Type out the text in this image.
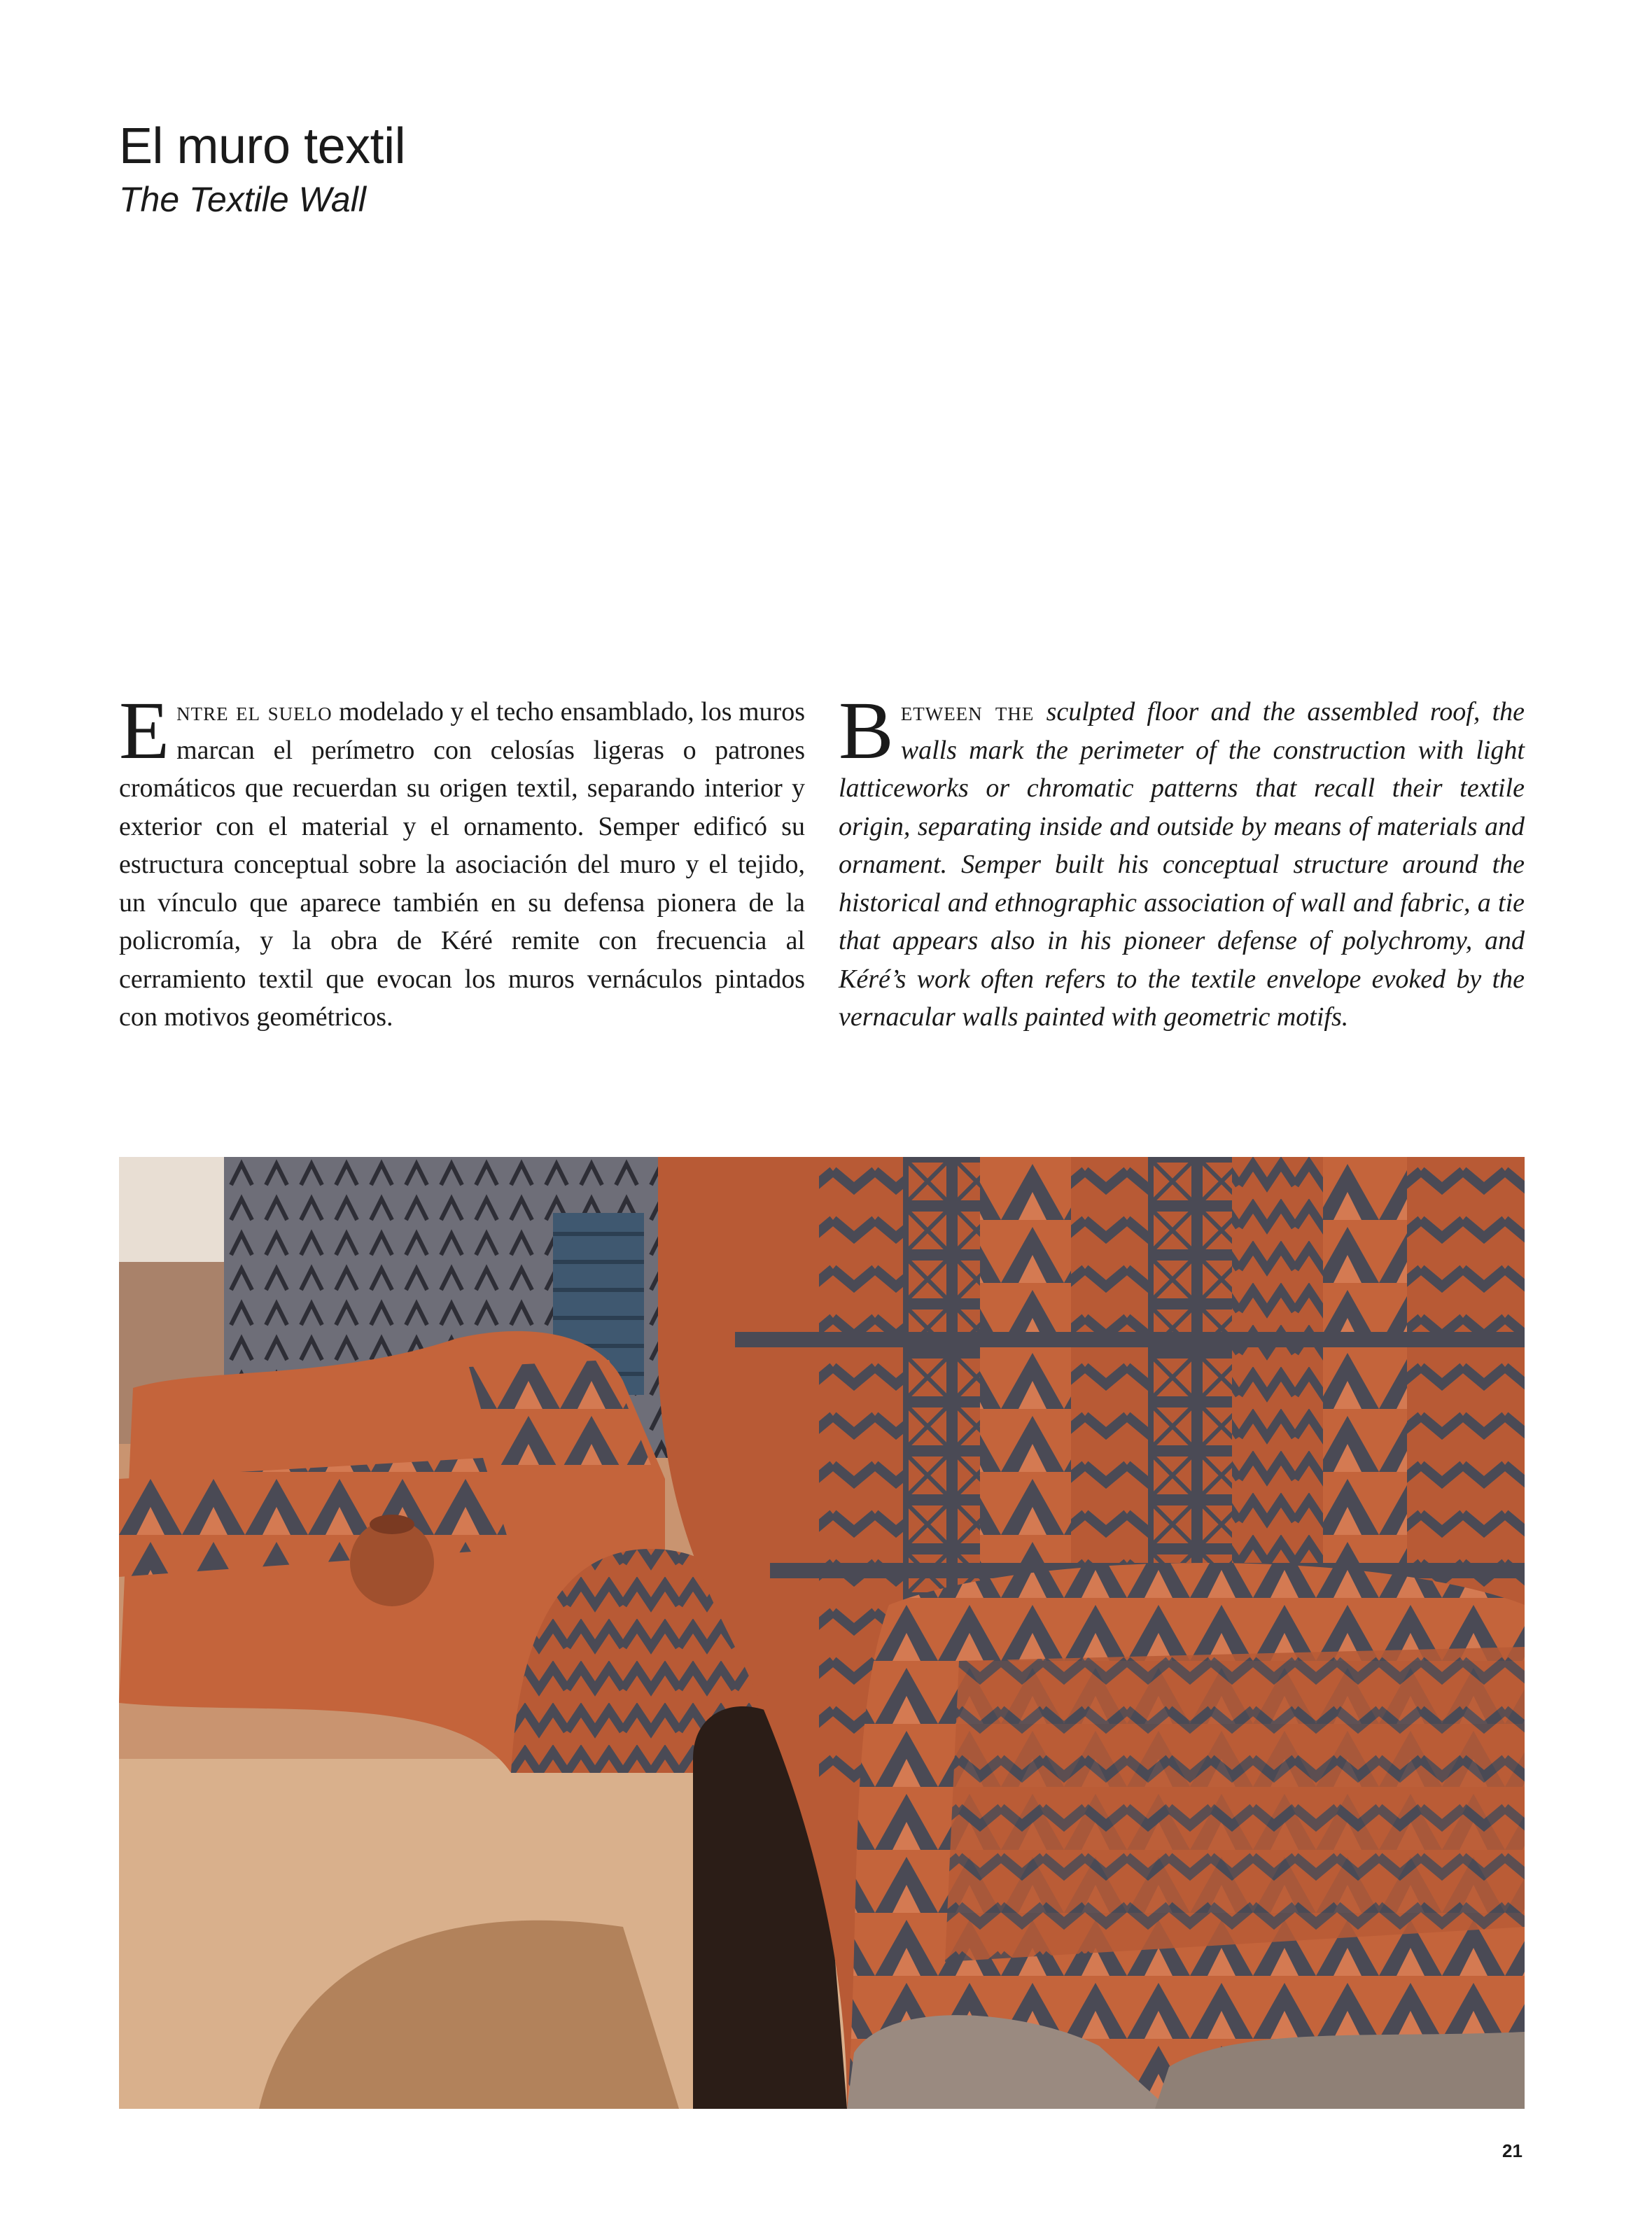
El muro textil
The Textile Wall

Entre el suelo modelado y el techo ensamblado, los muros marcan el perímetro con celosías ligeras o patrones cromáticos que recuerdan su origen textil, separando interior y exterior con el material y el ornamento. Semper edificó su estructura conceptual sobre la asociación del muro y el tejido, un vínculo que aparece también en su defensa pionera de la policromía, y la obra de Kéré remite con frecuencia al cerramiento textil que evocan los muros vernáculos pintados con motivos geométricos.

Between the sculpted floor and the assembled roof, the walls mark the perimeter of the construction with light latticeworks or chromatic patterns that recall their textile origin, separating inside and outside by means of materials and ornament. Semper built his conceptual structure around the historical and ethnographic association of wall and fabric, a tie that appears also in his pioneer defense of polychromy, and Kéré’s work often refers to the textile envelope evoked by the vernacular walls painted with geometric motifs.

21
